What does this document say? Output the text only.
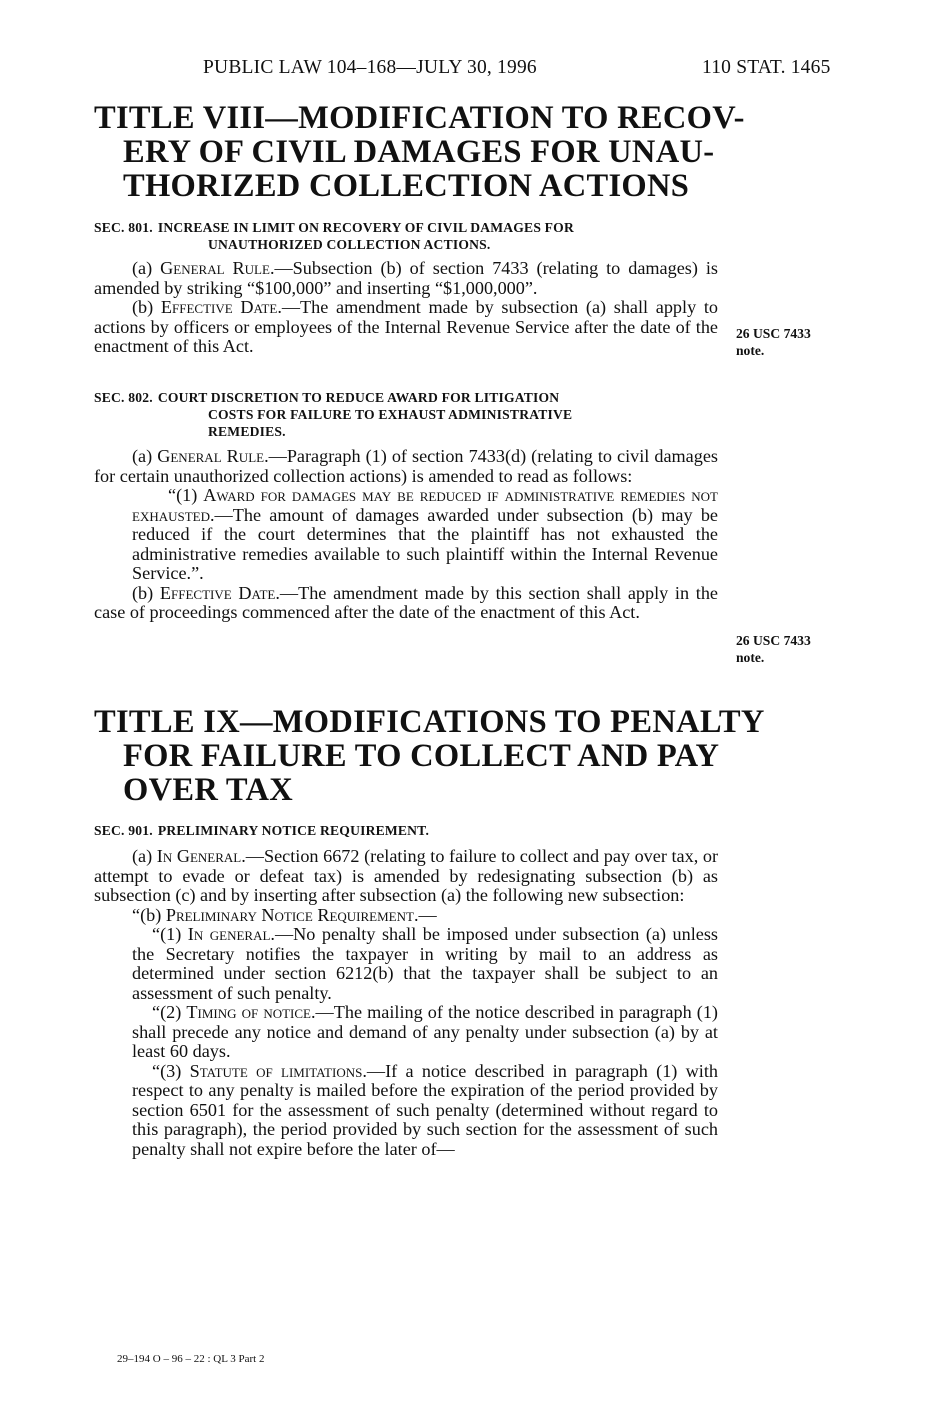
PUBLIC LAW 104–168—JULY 30, 1996	110 STAT. 1465
TITLE VIII—MODIFICATION TO RECOV-
ERY OF CIVIL DAMAGES FOR UNAU-
THORIZED COLLECTION ACTIONS
SEC. 801. INCREASE IN LIMIT ON RECOVERY OF CIVIL DAMAGES FOR
UNAUTHORIZED COLLECTION ACTIONS.

(a) General Rule.—Subsection (b) of section 7433 (relating to damages) is amended by striking “$100,000” and inserting “$1,000,000”.

(b) Effective Date.—The amendment made by subsection (a) shall apply to actions by officers or employees of the Internal Revenue Service after the date of the enactment of this Act.

26 USC 7433
note.
SEC. 802. COURT DISCRETION TO REDUCE AWARD FOR LITIGATION
COSTS FOR FAILURE TO EXHAUST ADMINISTRATIVE
REMEDIES.

(a) General Rule.—Paragraph (1) of section 7433(d) (relating to civil damages for certain unauthorized collection actions) is amended to read as follows:

“(1) Award for damages may be reduced if administrative remedies not exhausted.—The amount of damages awarded under subsection (b) may be reduced if the court determines that the plaintiff has not exhausted the administrative remedies available to such plaintiff within the Internal Revenue Service.”.

(b) Effective Date.—The amendment made by this section shall apply in the case of proceedings commenced after the date of the enactment of this Act.

26 USC 7433
note.
TITLE IX—MODIFICATIONS TO PENALTY
FOR FAILURE TO COLLECT AND PAY
OVER TAX
SEC. 901. PRELIMINARY NOTICE REQUIREMENT.

(a) In General.—Section 6672 (relating to failure to collect and pay over tax, or attempt to evade or defeat tax) is amended by redesignating subsection (b) as subsection (c) and by inserting after subsection (a) the following new subsection:

“(b) Preliminary Notice Requirement.—

“(1) In general.—No penalty shall be imposed under subsection (a) unless the Secretary notifies the taxpayer in writing by mail to an address as determined under section 6212(b) that the taxpayer shall be subject to an assessment of such penalty.

“(2) Timing of notice.—The mailing of the notice described in paragraph (1) shall precede any notice and demand of any penalty under subsection (a) by at least 60 days.

“(3) Statute of limitations.—If a notice described in paragraph (1) with respect to any penalty is mailed before the expiration of the period provided by section 6501 for the assessment of such penalty (determined without regard to this paragraph), the period provided by such section for the assessment of such penalty shall not expire before the later of—

29–194 O – 96 – 22 : QL 3 Part 2
